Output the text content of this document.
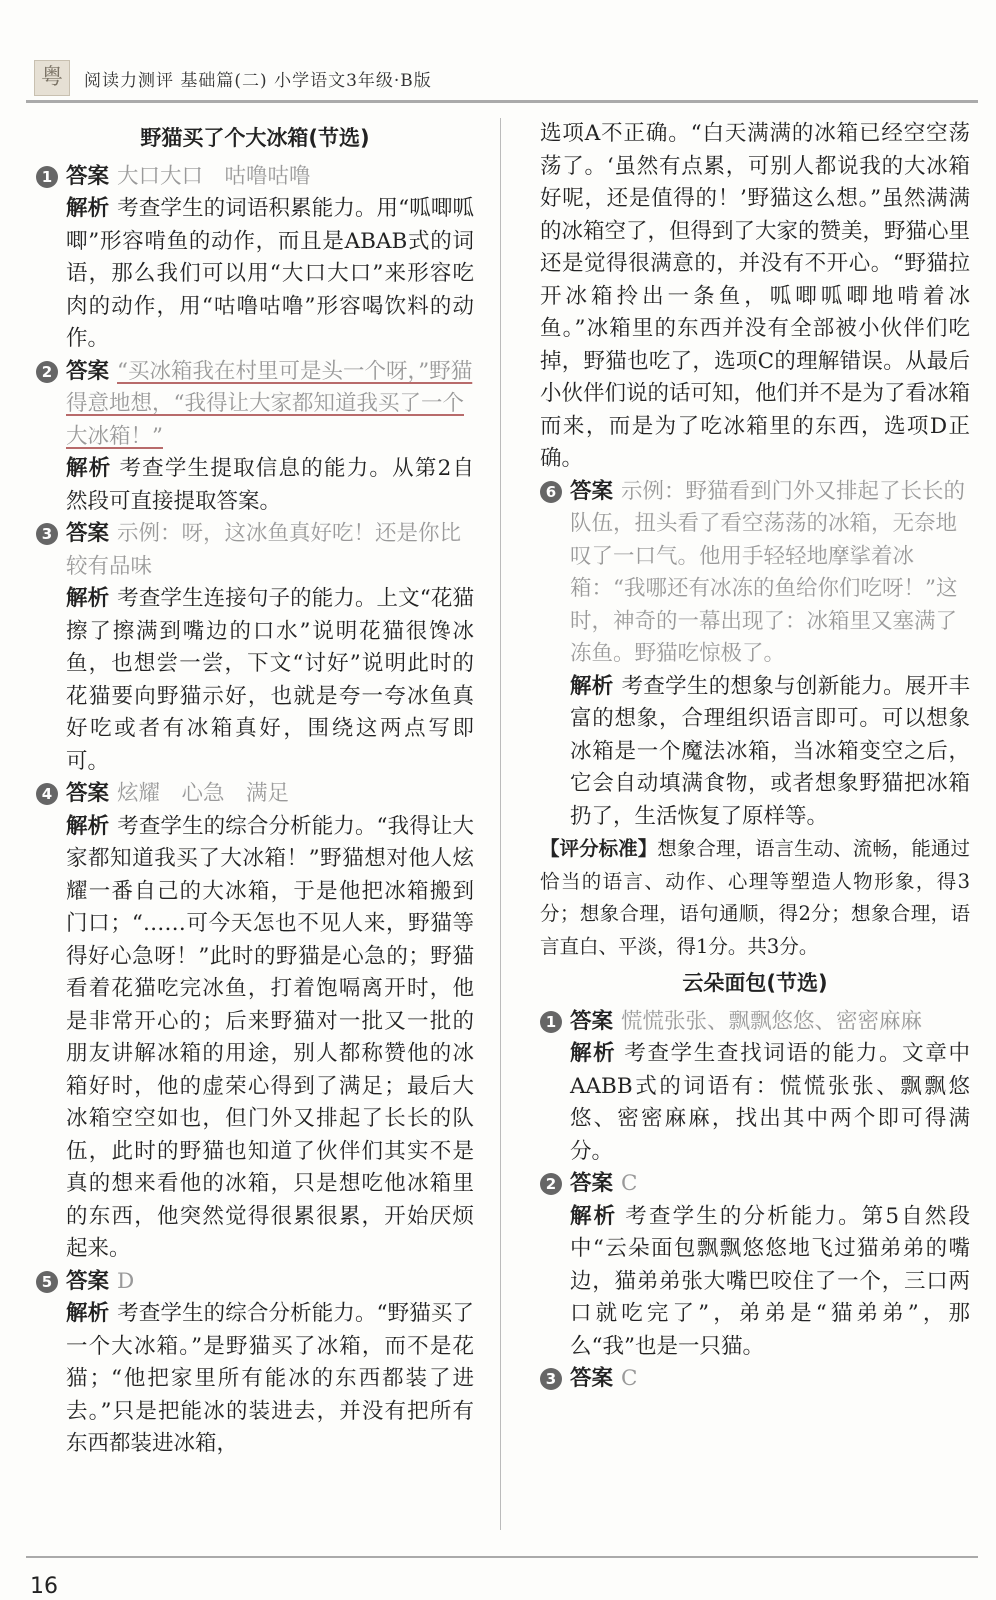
粤	阅读力测评 基础篇(二) 小学语文3年级·B版
野猫买了个大冰箱(节选)
1 答案 大口大口　咕噜咕噜

解析 考查学生的词语积累能力。用“呱唧呱唧”形容啃鱼的动作，而且是ABAB式的词语，那么我们可以用“大口大口”来形容吃肉的动作，用“咕噜咕噜”形容喝饮料的动作。

2 答案 “买冰箱我在村里可是头一个呀，”野猫得意地想，“我得让大家都知道我买了一个大冰箱！”

解析 考查学生提取信息的能力。从第2自然段可直接提取答案。

3 答案 示例：呀，这冰鱼真好吃！还是你比较有品味

解析 考查学生连接句子的能力。上文“花猫擦了擦满到嘴边的口水”说明花猫很馋冰鱼，也想尝一尝，下文“讨好”说明此时的花猫要向野猫示好，也就是夸一夸冰鱼真好吃或者有冰箱真好，围绕这两点写即可。

4 答案 炫耀　心急　满足

解析 考查学生的综合分析能力。“我得让大家都知道我买了大冰箱！”野猫想对他人炫耀一番自己的大冰箱，于是他把冰箱搬到门口；“……可今天怎也不见人来，野猫等得好心急呀！”此时的野猫是心急的；野猫看着花猫吃完冰鱼，打着饱嗝离开时，他是非常开心的；后来野猫对一批又一批的朋友讲解冰箱的用途，别人都称赞他的冰箱好时，他的虚荣心得到了满足；最后大冰箱空空如也，但门外又排起了长长的队伍，此时的野猫也知道了伙伴们其实不是真的想来看他的冰箱，只是想吃他冰箱里的东西，他突然觉得很累很累，开始厌烦起来。

5 答案 D

解析 考查学生的综合分析能力。“野猫买了一个大冰箱。”是野猫买了冰箱，而不是花猫；“他把家里所有能冰的东西都装了进去。”只是把能冰的装进去，并没有把所有东西都装进冰箱，

选项A不正确。“白天满满的冰箱已经空空荡荡了。‘虽然有点累，可别人都说我的大冰箱好呢，还是值得的！’野猫这么想。”虽然满满的冰箱空了，但得到了大家的赞美，野猫心里还是觉得很满意的，并没有不开心。“野猫拉开冰箱拎出一条鱼，呱唧呱唧地啃着冰鱼。”冰箱里的东西并没有全部被小伙伴们吃掉，野猫也吃了，选项C的理解错误。从最后小伙伴们说的话可知，他们并不是为了看冰箱而来，而是为了吃冰箱里的东西，选项D正确。

6 答案 示例：野猫看到门外又排起了长长的队伍，扭头看了看空荡荡的冰箱，无奈地叹了一口气。他用手轻轻地摩挲着冰箱：“我哪还有冰冻的鱼给你们吃呀！”这时，神奇的一幕出现了：冰箱里又塞满了冻鱼。野猫吃惊极了。

解析 考查学生的想象与创新能力。展开丰富的想象，合理组织语言即可。可以想象冰箱是一个魔法冰箱，当冰箱变空之后，它会自动填满食物，或者想象野猫把冰箱扔了，生活恢复了原样等。

【评分标准】想象合理，语言生动、流畅，能通过恰当的语言、动作、心理等塑造人物形象，得3分；想象合理，语句通顺，得2分；想象合理，语言直白、平淡，得1分。共3分。

云朵面包(节选)
1 答案 慌慌张张、飘飘悠悠、密密麻麻

解析 考查学生查找词语的能力。文章中AABB式的词语有：慌慌张张、飘飘悠悠、密密麻麻，找出其中两个即可得满分。

2 答案 C

解析 考查学生的分析能力。第5自然段中“云朵面包飘飘悠悠地飞过猫弟弟的嘴边，猫弟弟张大嘴巴咬住了一个，三口两口就吃完了”，弟弟是“猫弟弟”，那么“我”也是一只猫。

3 答案 C
16
